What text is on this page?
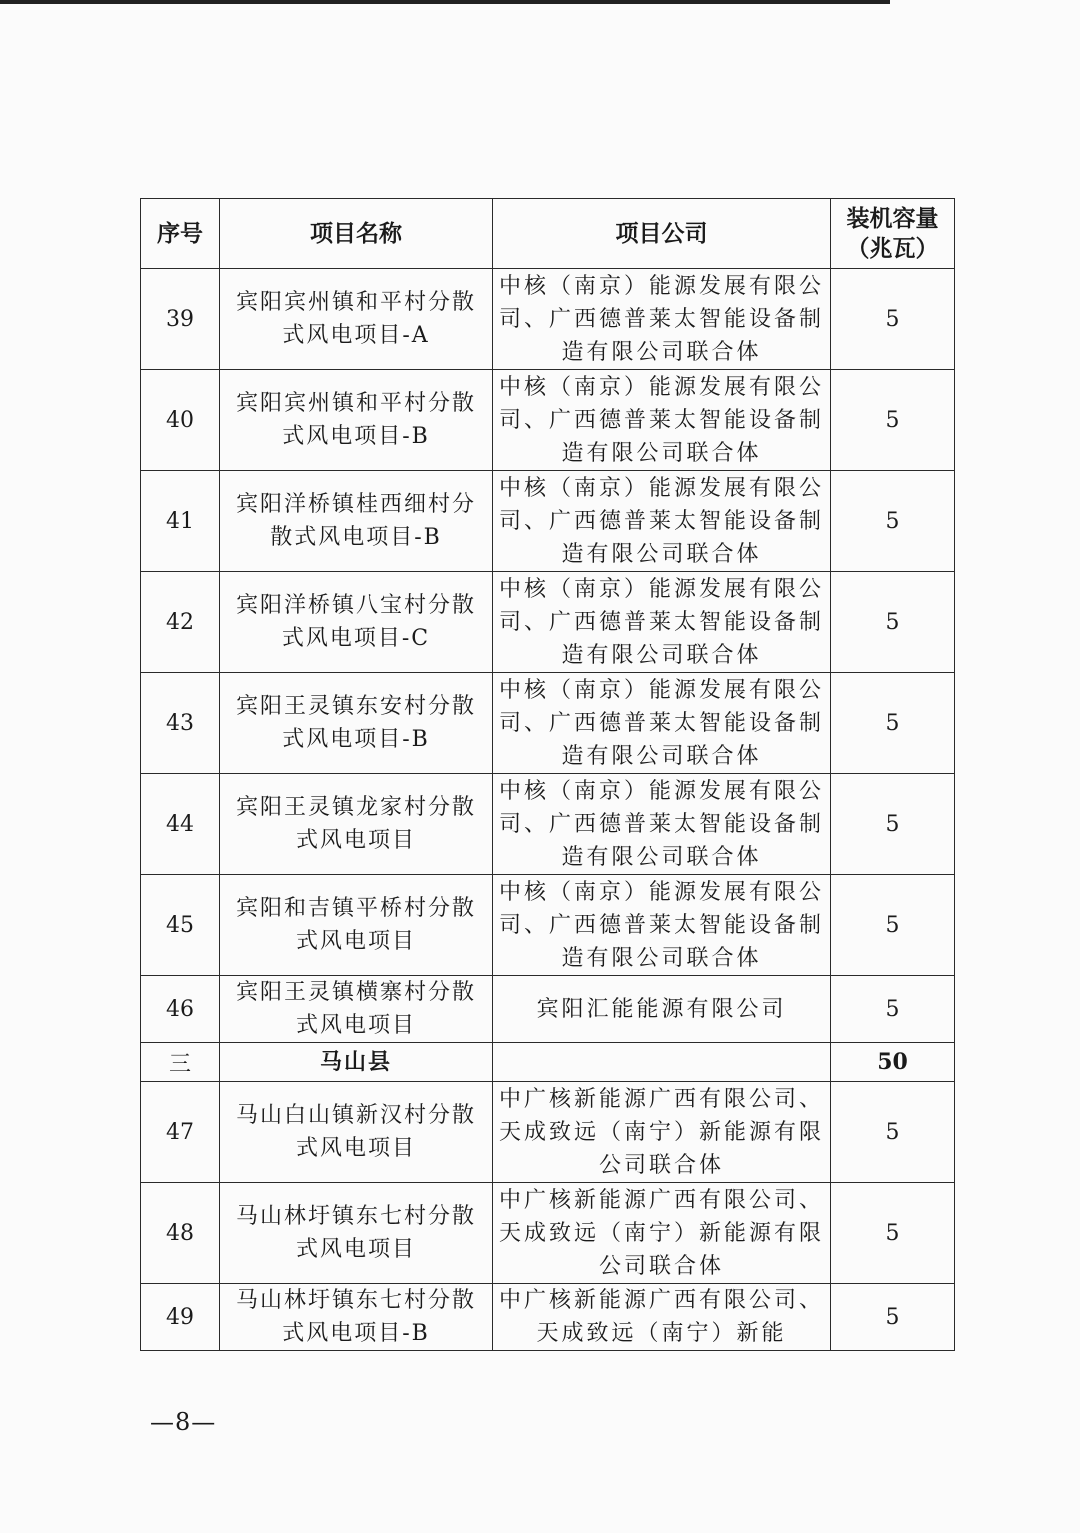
序号	项目名称	项目公司	装机容量（兆瓦）
39	宾阳宾州镇和平村分散式风电项目-A	中核（南京）能源发展有限公司、广西德普莱太智能设备制造有限公司联合体	5
40	宾阳宾州镇和平村分散式风电项目-B	中核（南京）能源发展有限公司、广西德普莱太智能设备制造有限公司联合体	5
41	宾阳洋桥镇桂西细村分散式风电项目-B	中核（南京）能源发展有限公司、广西德普莱太智能设备制造有限公司联合体	5
42	宾阳洋桥镇八宝村分散式风电项目-C	中核（南京）能源发展有限公司、广西德普莱太智能设备制造有限公司联合体	5
43	宾阳王灵镇东安村分散式风电项目-B	中核（南京）能源发展有限公司、广西德普莱太智能设备制造有限公司联合体	5
44	宾阳王灵镇龙家村分散式风电项目	中核（南京）能源发展有限公司、广西德普莱太智能设备制造有限公司联合体	5
45	宾阳和吉镇平桥村分散式风电项目	中核（南京）能源发展有限公司、广西德普莱太智能设备制造有限公司联合体	5
46	宾阳王灵镇横寨村分散式风电项目	宾阳汇能能源有限公司	5
三	马山县		50
47	马山白山镇新汉村分散式风电项目	中广核新能源广西有限公司、天成致远（南宁）新能源有限公司联合体	5
48	马山林圩镇东七村分散式风电项目	中广核新能源广西有限公司、天成致远（南宁）新能源有限公司联合体	5
49	马山林圩镇东七村分散式风电项目-B	中广核新能源广西有限公司、天成致远（南宁）新能	5
—8—
